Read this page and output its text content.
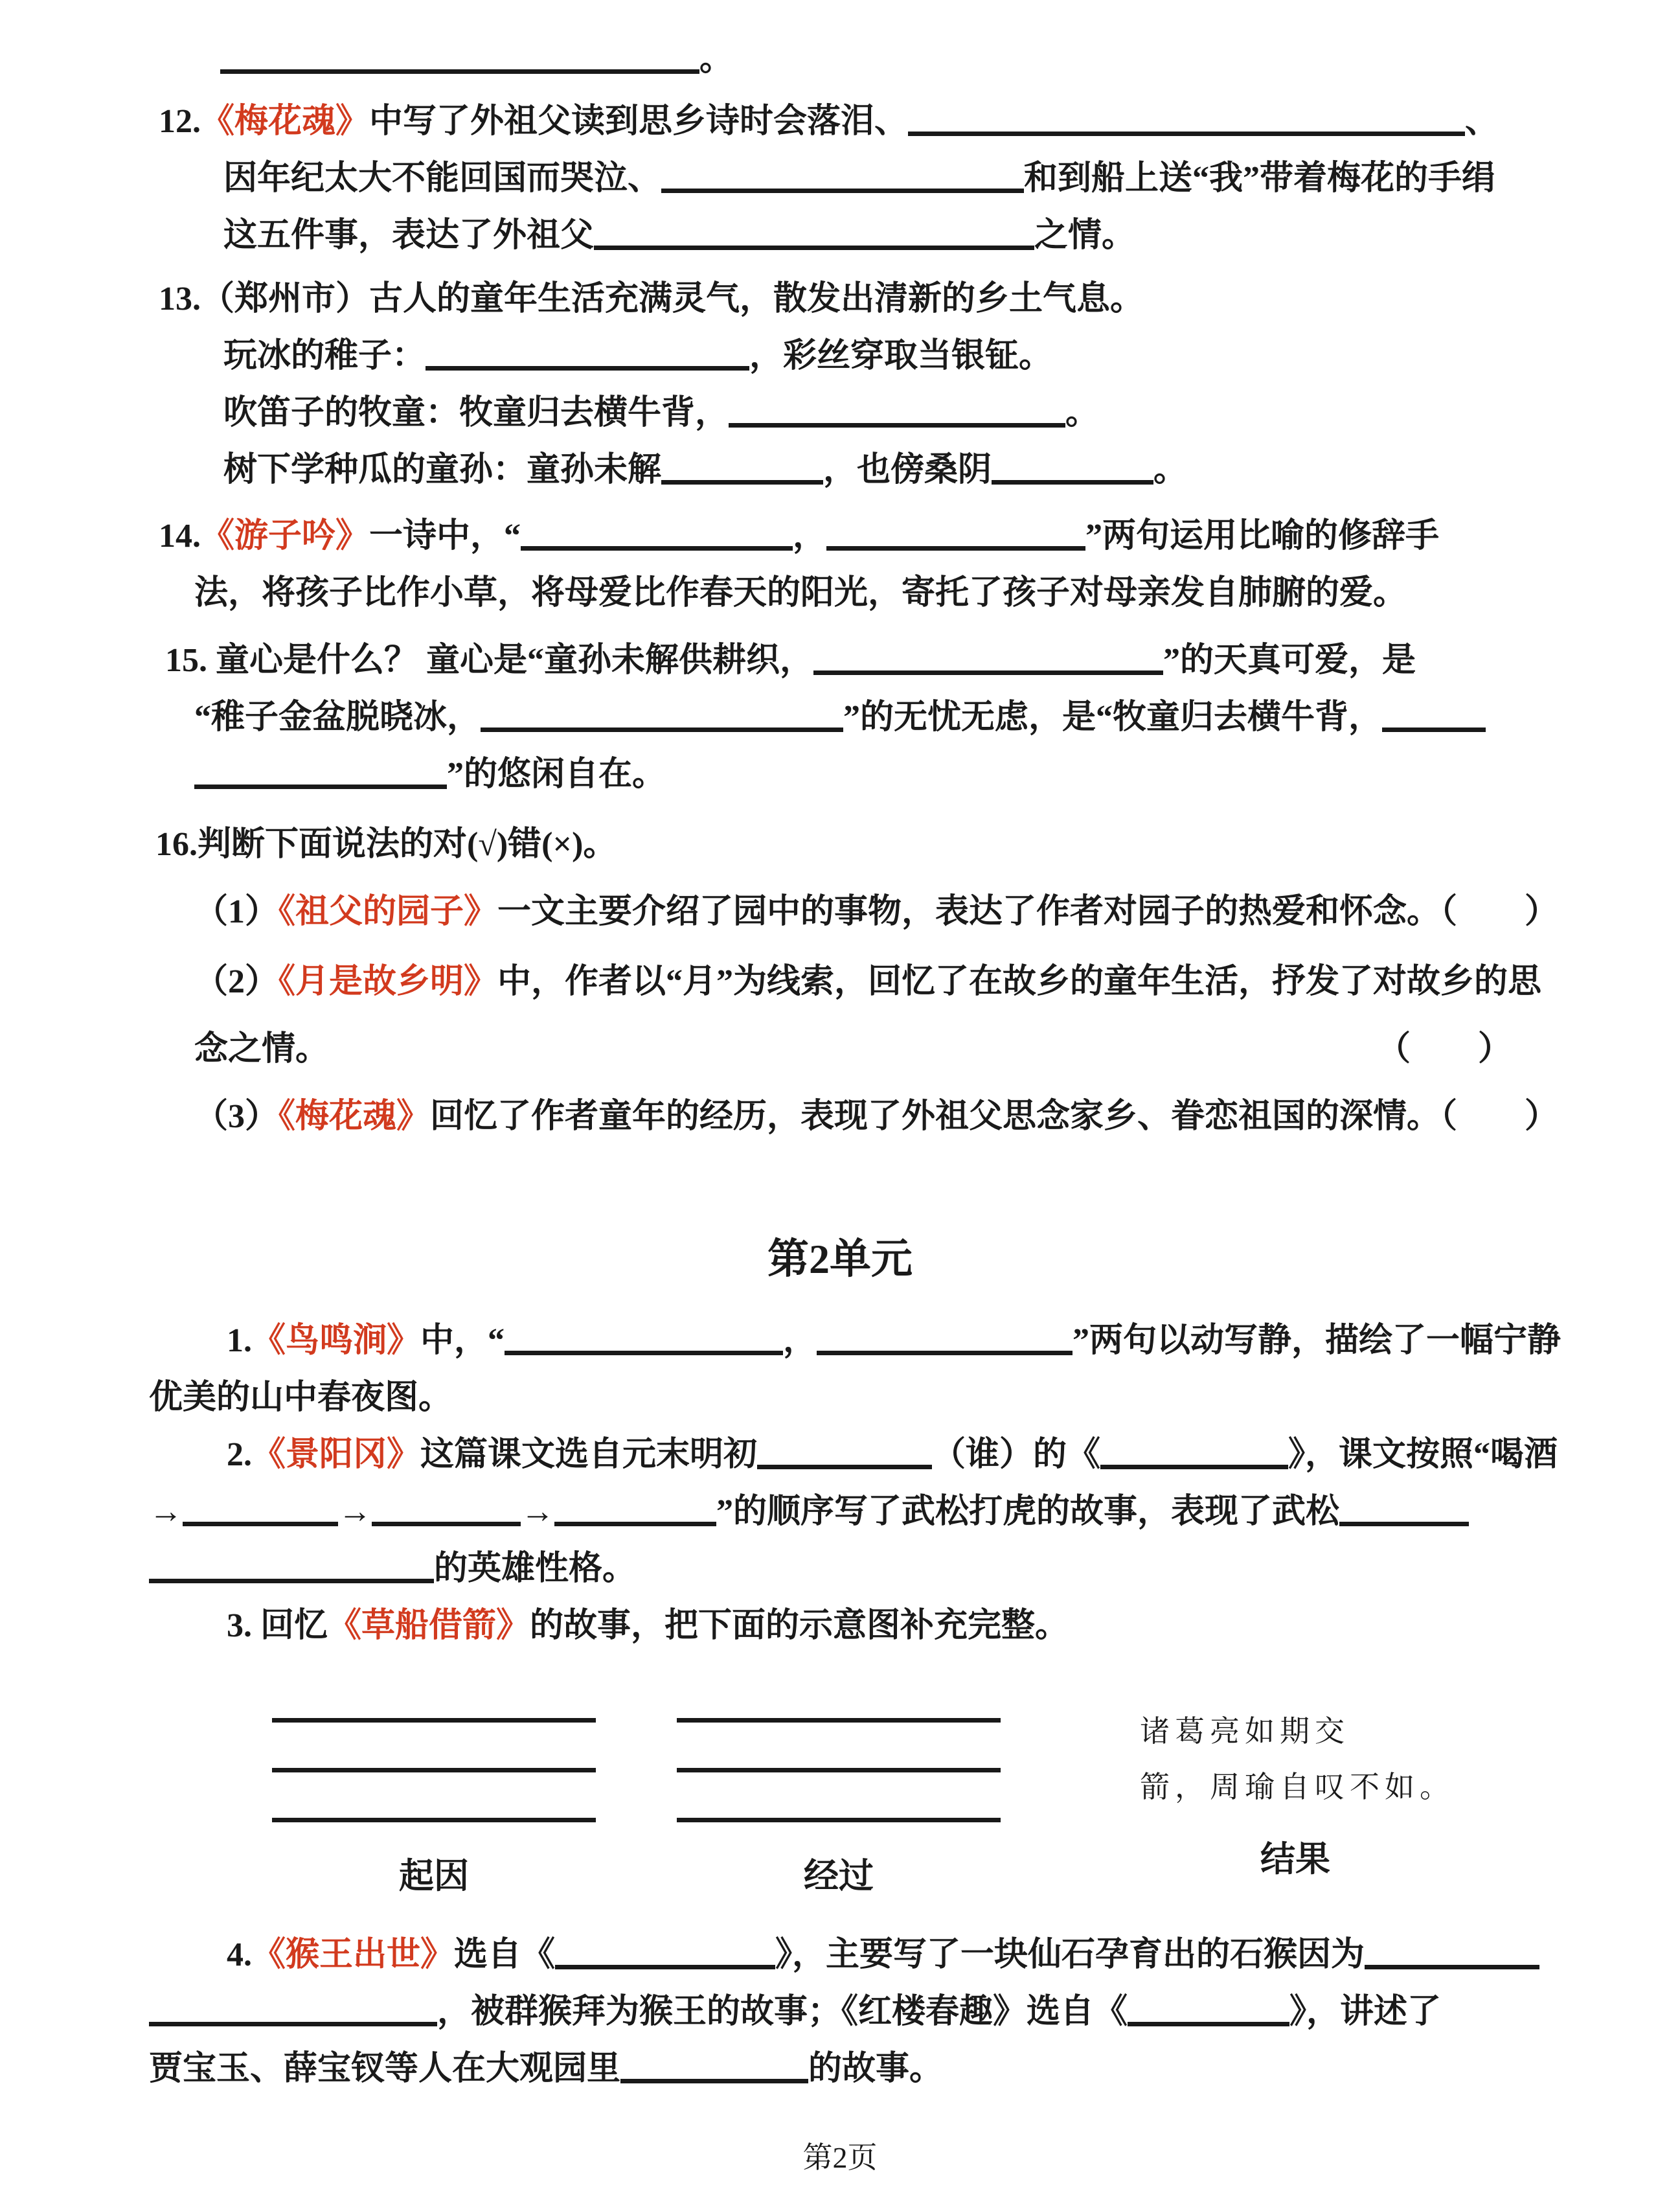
。
12.《梅花魂》中写了外祖父读到思乡诗时会落泪、	、
因年纪太大不能回国而哭泣、	和到船上送“我”带着梅花的手绢
这五件事，表达了外祖父	之情。
13.（郑州市）古人的童年生活充满灵气，散发出清新的乡土气息。
玩冰的稚子：	，彩丝穿取当银钲。
吹笛子的牧童：牧童归去横牛背，	。
树下学种瓜的童孙：童孙未解	，也傍桑阴	。
14.《游子吟》一诗中，“	，	”两句运用比喻的修辞手
法，将孩子比作小草，将母爱比作春天的阳光，寄托了孩子对母亲发自肺腑的爱。
15. 童心是什么？ 童心是“童孙未解供耕织，	”的天真可爱，是
“稚子金盆脱晓冰，	”的无忧无虑，是“牧童归去横牛背，
”的悠闲自在。
16.判断下面说法的对(√)错(×)。
（1）《祖父的园子》一文主要介绍了园中的事物，表达了作者对园子的热爱和怀念。（　　）
（2）《月是故乡明》中，作者以“月”为线索，回忆了在故乡的童年生活，抒发了对故乡的思
念之情。	（　　）
（3）《梅花魂》回忆了作者童年的经历，表现了外祖父思念家乡、眷恋祖国的深情。（　　）
第2单元
1.《鸟鸣涧》中，“	，	”两句以动写静，描绘了一幅宁静
优美的山中春夜图。
2.《景阳冈》这篇课文选自元末明初	（谁）的《	》，课文按照“喝酒
→	→	→	”的顺序写了武松打虎的故事，表现了武松
的英雄性格。
3. 回忆《草船借箭》的故事，把下面的示意图补充完整。
起因	经过
诸葛亮如期交
箭，周瑜自叹不如。
结果
4.《猴王出世》选自《	》，主要写了一块仙石孕育出的石猴因为
，被群猴拜为猴王的故事；《红楼春趣》选自《	》，讲述了
贾宝玉、薛宝钗等人在大观园里	的故事。
第2页
